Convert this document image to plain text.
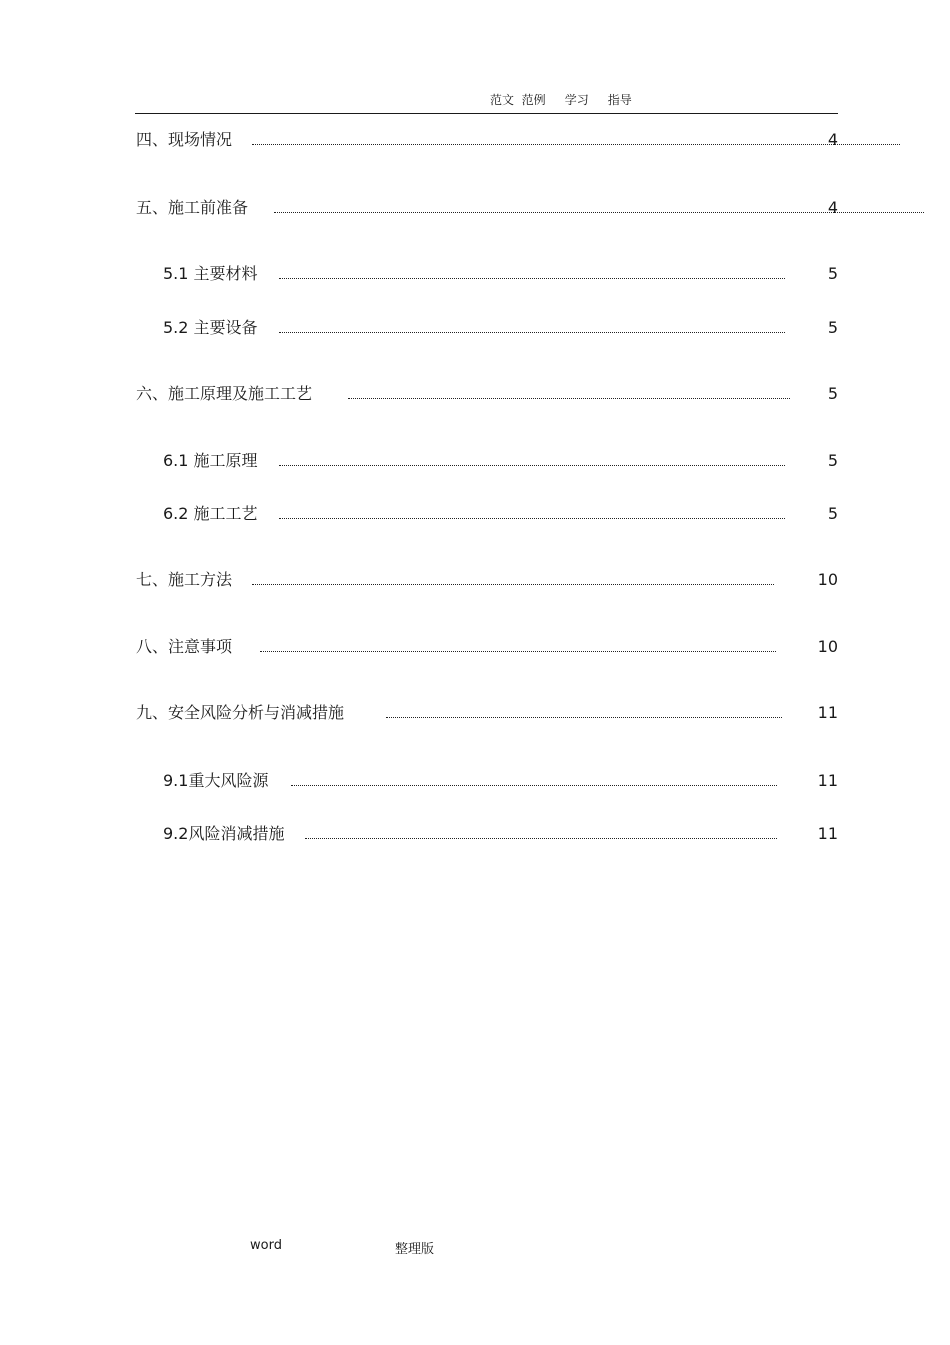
范文  范例     学习     指导
四、现场情况	4
五、施工前准备	4
5.1 主要材料	5
5.2 主要设备	5
六、施工原理及施工工艺	5
6.1 施工原理	5
6.2 施工工艺	5
七、施工方法	10
八、注意事项	10
九、安全风险分析与消减措施	11
9.1重大风险源	11
9.2风险消减措施	11
word	整理版
